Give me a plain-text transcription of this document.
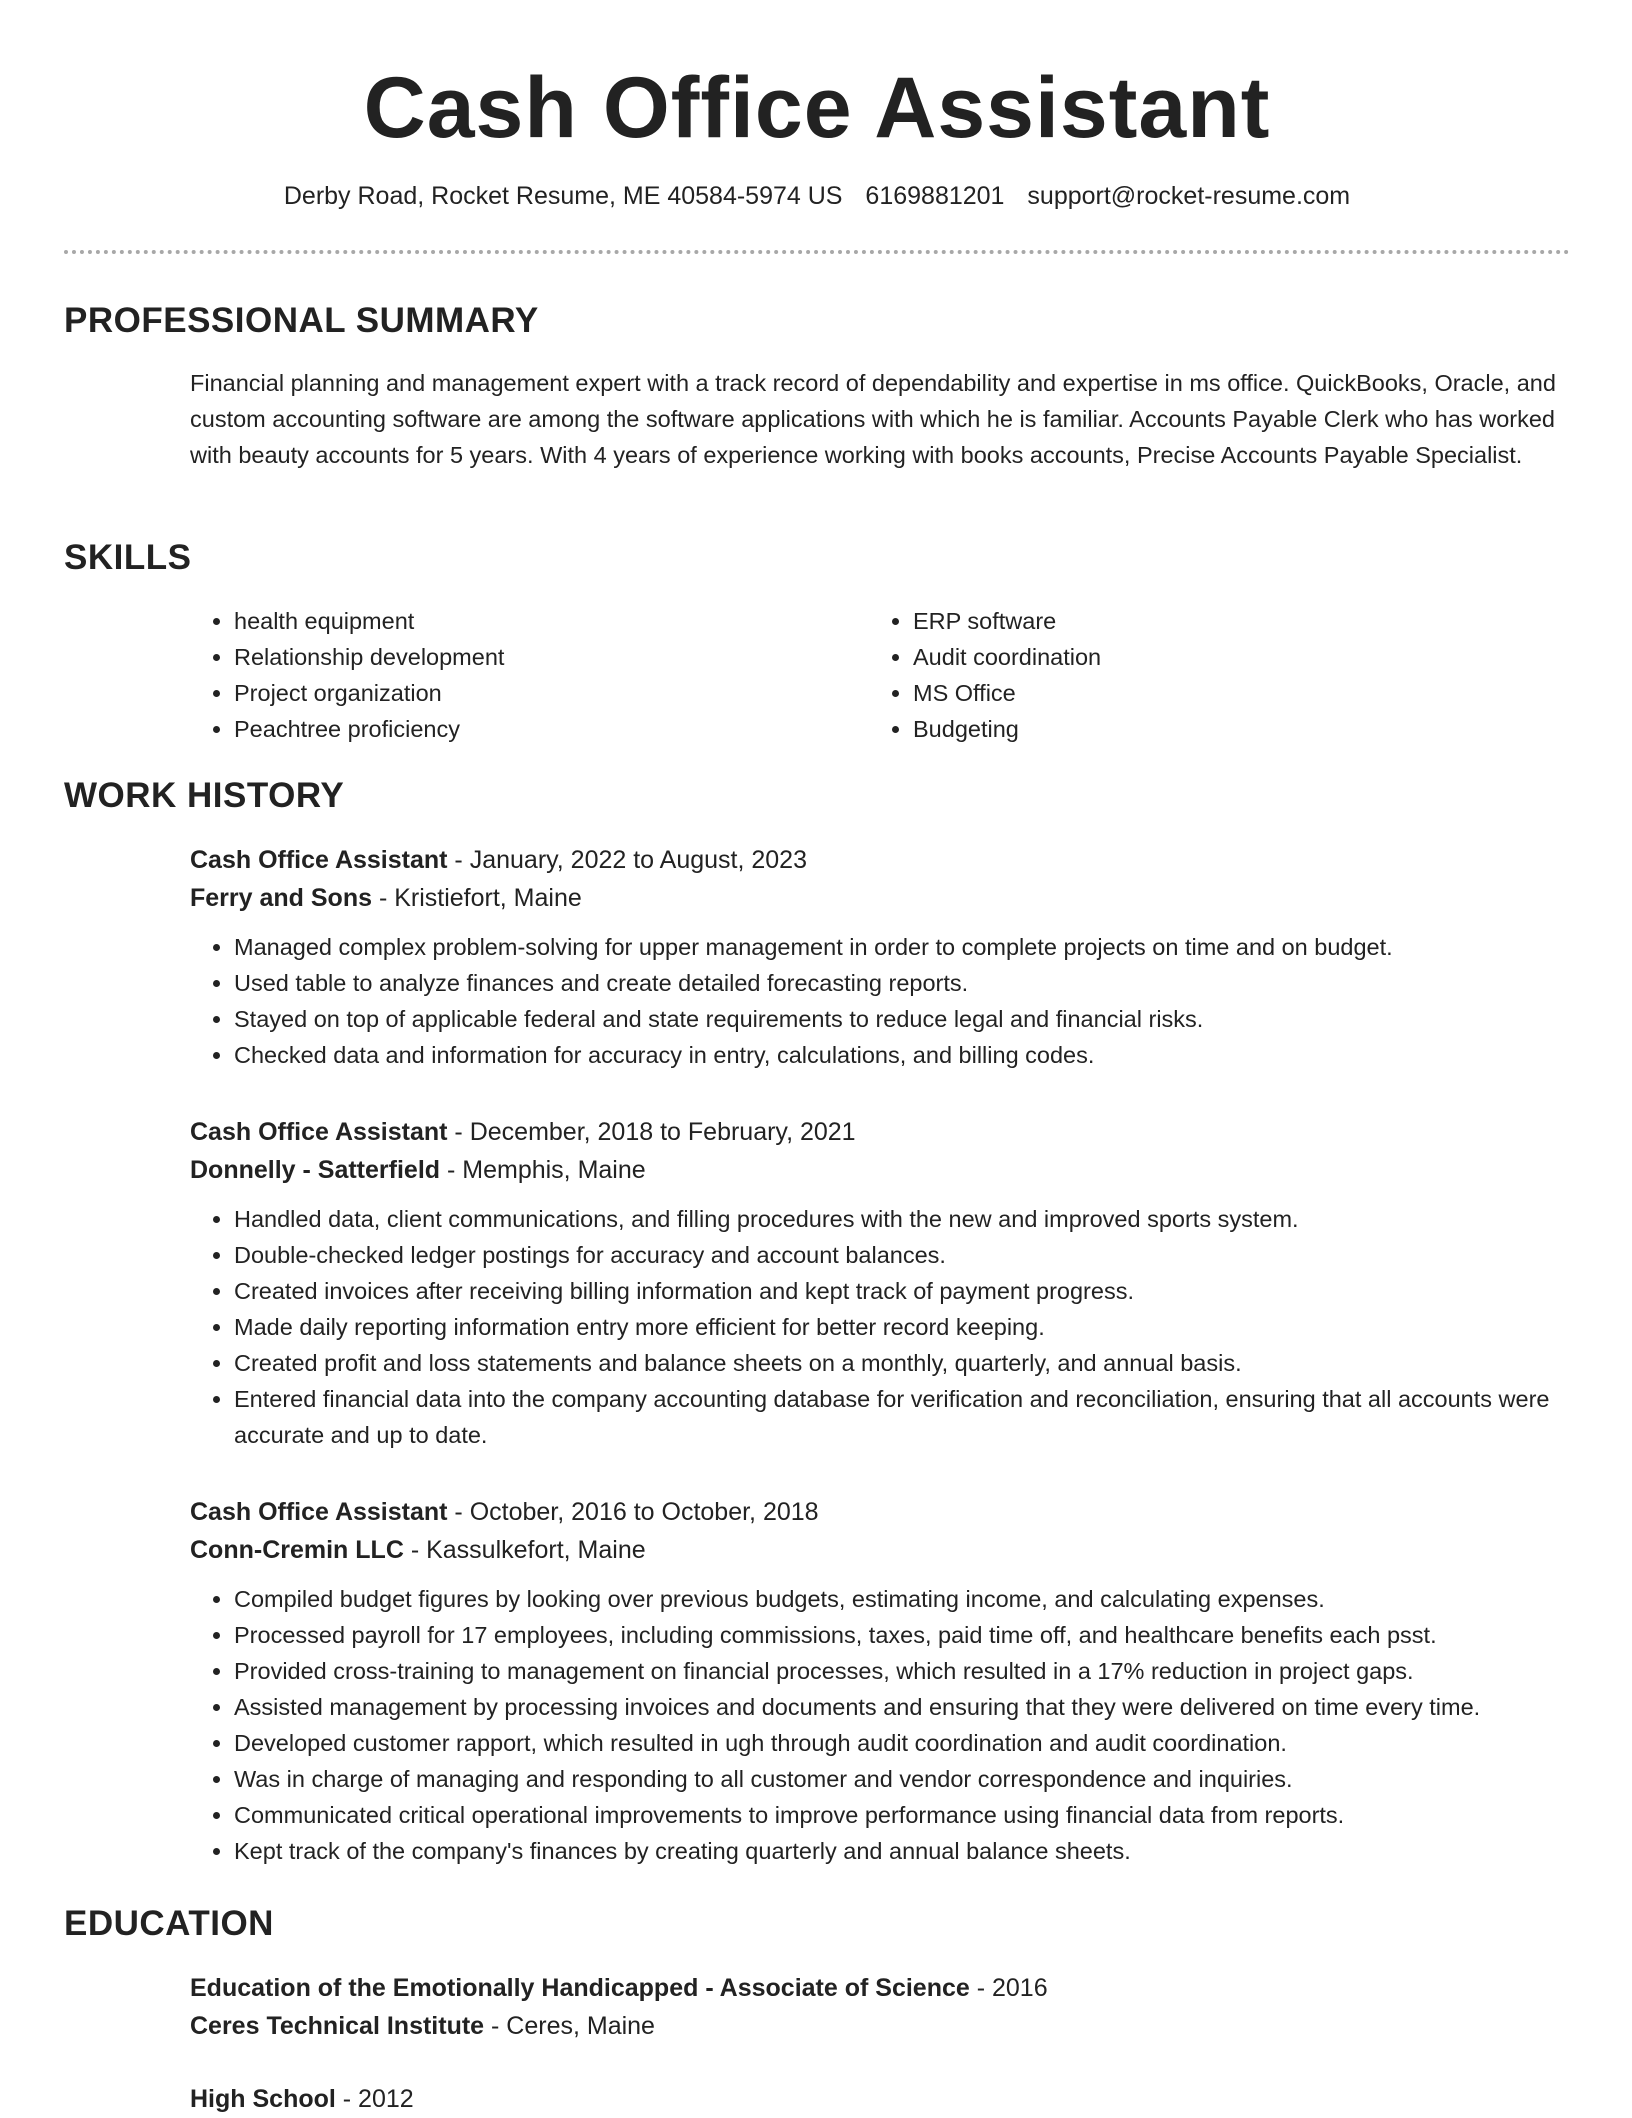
Cash Office Assistant
Derby Road, Rocket Resume, ME 40584-5974 US 6169881201 support@rocket-resume.com
PROFESSIONAL SUMMARY

Financial planning and management expert with a track record of dependability and expertise in ms office. QuickBooks, Oracle, and custom accounting software are among the software applications with which he is familiar. Accounts Payable Clerk who has worked with beauty accounts for 5 years. With 4 years of experience working with books accounts, Precise Accounts Payable Specialist.

SKILLS
• health equipment
• Relationship development
• Project organization
• Peachtree proficiency
• ERP software
• Audit coordination
• MS Office
• Budgeting
WORK HISTORY

Cash Office Assistant - January, 2022 to August, 2023

Ferry and Sons - Kristiefort, Maine

• Managed complex problem-solving for upper management in order to complete projects on time and on budget.
• Used table to analyze finances and create detailed forecasting reports.
• Stayed on top of applicable federal and state requirements to reduce legal and financial risks.
• Checked data and information for accuracy in entry, calculations, and billing codes.

Cash Office Assistant - December, 2018 to February, 2021

Donnelly - Satterfield - Memphis, Maine

• Handled data, client communications, and filling procedures with the new and improved sports system.
• Double-checked ledger postings for accuracy and account balances.
• Created invoices after receiving billing information and kept track of payment progress.
• Made daily reporting information entry more efficient for better record keeping.
• Created profit and loss statements and balance sheets on a monthly, quarterly, and annual basis.
• Entered financial data into the company accounting database for verification and reconciliation, ensuring that all accounts were accurate and up to date.

Cash Office Assistant - October, 2016 to October, 2018

Conn-Cremin LLC - Kassulkefort, Maine

• Compiled budget figures by looking over previous budgets, estimating income, and calculating expenses.
• Processed payroll for 17 employees, including commissions, taxes, paid time off, and healthcare benefits each psst.
• Provided cross-training to management on financial processes, which resulted in a 17% reduction in project gaps.
• Assisted management by processing invoices and documents and ensuring that they were delivered on time every time.
• Developed customer rapport, which resulted in ugh through audit coordination and audit coordination.
• Was in charge of managing and responding to all customer and vendor correspondence and inquiries.
• Communicated critical operational improvements to improve performance using financial data from reports.
• Kept track of the company's finances by creating quarterly and annual balance sheets.
EDUCATION

Education of the Emotionally Handicapped - Associate of Science - 2016

Ceres Technical Institute - Ceres, Maine

High School - 2012
